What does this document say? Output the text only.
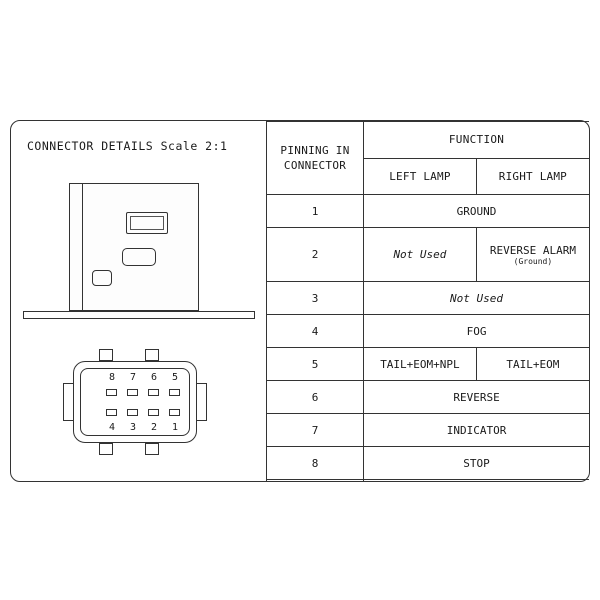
CONNECTOR DETAILS Scale 2:1
8 7 6 5
4 3 2 1
PINNING IN
CONNECTOR	FUNCTION	
	LEFT LAMP	RIGHT LAMP
1	GROUND	
2	Not Used	REVERSE ALARM
(Ground)

3	Not Used	
4	FOG	
5	TAIL+EOM+NPL	TAIL+EOM
6	REVERSE	
7	INDICATOR	
8	STOP	
